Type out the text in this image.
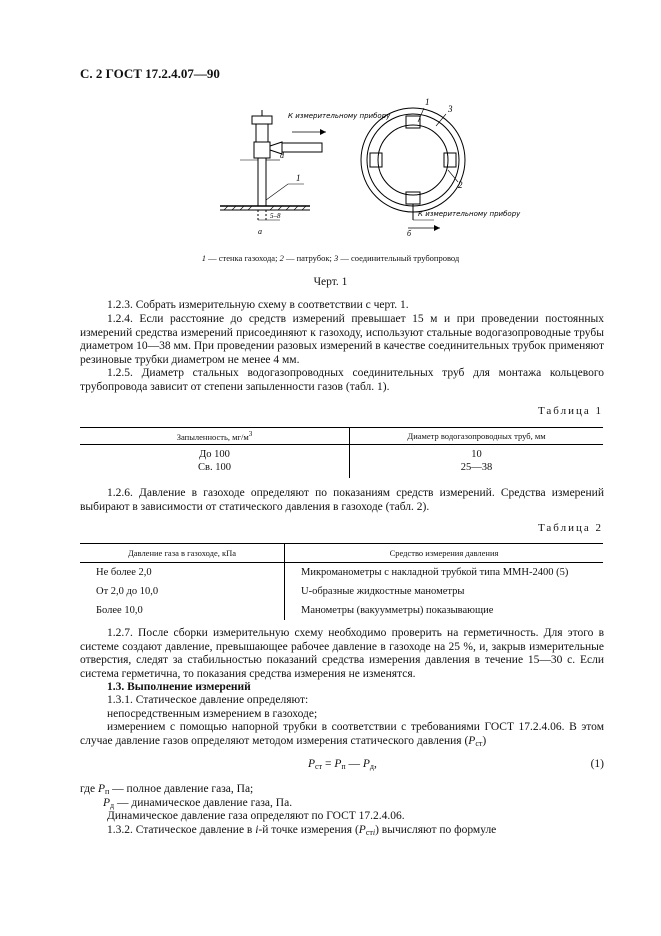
С. 2 ГОСТ 17.2.4.07—90
К измерительному прибору
d
5–8
а	б
К измерительному прибору
1
1
3
2
1 — стенка газохода; 2 — патрубок; 3 — соединительный трубопровод
Черт. 1
1.2.3. Собрать измерительную схему в соответствии с черт. 1.
1.2.4. Если расстояние до средств измерений превышает 15 м и при проведении постоянных измерений средства измерений присоединяют к газоходу, используют стальные водогазопроводные трубы диаметром 10—38 мм. При проведении разовых измерений в качестве соединительных трубок применяют резиновые трубки диаметром не менее 4 мм.
1.2.5. Диаметр стальных водогазопроводных соединительных труб для монтажа кольцевого трубопровода зависит от степени запыленности газов (табл. 1).
Таблица 1
Запыленность, $мг/м^3$	Диаметр водогазопроводных труб, мм
До 100	10
Св. 100	25—38
1.2.6. Давление в газоходе определяют по показаниям средств измерений. Средства измерений выбирают в зависимости от статического давления в газоходе (табл. 2).
Таблица 2
Давление газа в газоходе, кПа	Средство измерения давления
Не более 2,0	Микроманометры с накладной трубкой типа ММН-2400 (5)
От 2,0 до 10,0	U-образные жидкостные манометры
Более 10,0	Манометры (вакуумметры) показывающие
1.2.7. После сборки измерительную схему необходимо проверить на герметичность. Для этого в системе создают давление, превышающее рабочее давление в газоходе на 25 %, и, закрыв измерительные отверстия, следят за стабильностью показаний средства измерения давления в течение 15—30 с. Если система герметична, то показания средства измерения не изменятся.
1.3. Выполнение измерений
1.3.1. Статическое давление определяют:
непосредственным измерением в газоходе;
измерением с помощью напорной трубки в соответствии с требованиями ГОСТ 17.2.4.06. В этом случае давление газов определяют методом измерения статического давления $(P_{ст})$
$P_{ст} = P_п$ — $P_д$,	(1)
где $P_п$ — полное давление газа, Па;
$P_д$ — динамическое давление газа, Па.
Динамическое давление газа определяют по ГОСТ 17.2.4.06.
1.3.2. Статическое давление в i-й точке измерения $(P_{стi})$ вычисляют по формуле
